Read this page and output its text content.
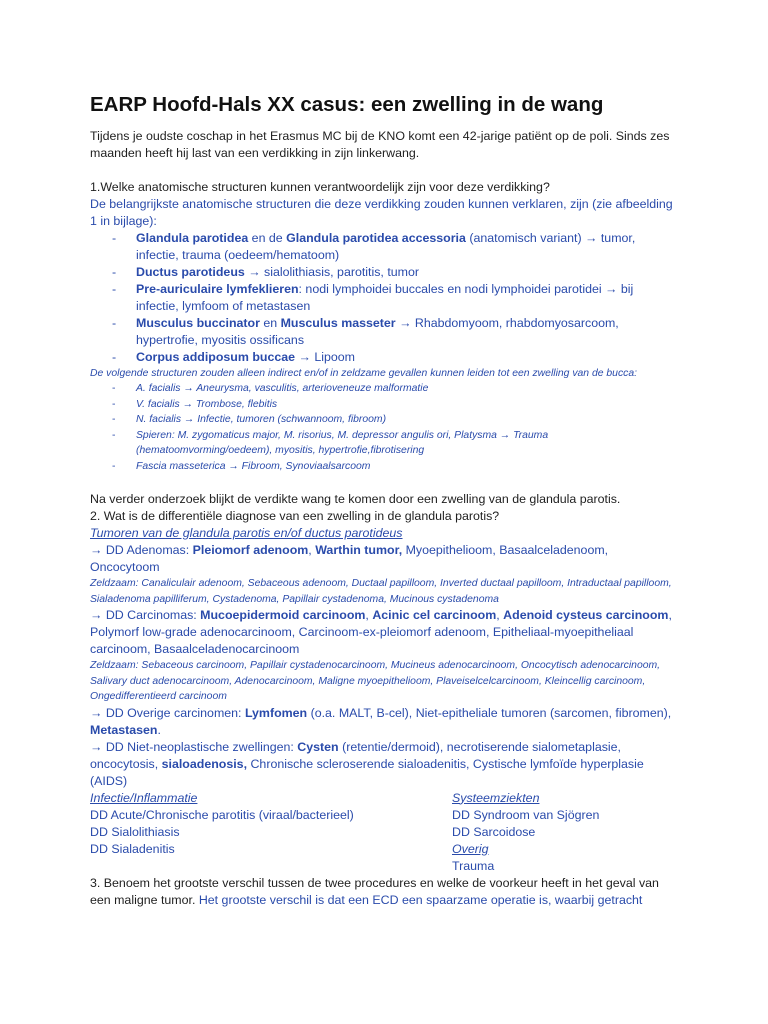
EARP Hoofd-Hals XX casus: een zwelling in de wang

Tijdens je oudste coschap in het Erasmus MC bij de KNO komt een 42-jarige patiënt op de poli. Sinds zes maanden heeft hij last van een verdikking in zijn linkerwang.

1.Welke anatomische structuren kunnen verantwoordelijk zijn voor deze verdikking?

De belangrijkste anatomische structuren die deze verdikking zouden kunnen verklaren, zijn (zie afbeelding 1 in bijlage):

- Glandula parotidea en de Glandula parotidea accessoria (anatomisch variant) → tumor, infectie, trauma (oedeem/hematoom)
- Ductus parotideus → sialolithiasis, parotitis, tumor
- Pre-auriculaire lymfeklieren: nodi lymphoidei buccales en nodi lymphoidei parotidei → bij infectie, lymfoom of metastasen
- Musculus buccinator en Musculus masseter → Rhabdomyoom, rhabdomyosarcoom, hypertrofie, myositis ossificans
- Corpus addiposum buccae → Lipoom

De volgende structuren zouden alleen indirect en/of in zeldzame gevallen kunnen leiden tot een zwelling van de bucca:

- A. facialis → Aneurysma, vasculitis, arterioveneuze malformatie
- V. facialis → Trombose, flebitis
- N. facialis → Infectie, tumoren (schwannoom, fibroom)
- Spieren: M. zygomaticus major, M. risorius, M. depressor angulis ori, Platysma → Trauma (hematoomvorming/oedeem), myositis, hypertrofie,fibrotisering
- Fascia masseterica → Fibroom, Synoviaalsarcoom

Na verder onderzoek blijkt de verdikte wang te komen door een zwelling van de glandula parotis.

2. Wat is de differentiële diagnose van een zwelling in de glandula parotis?

Tumoren van de glandula parotis en/of ductus parotideus

→ DD Adenomas: Pleiomorf adenoom, Warthin tumor, Myoepithelioom, Basaalceladenoom, Oncocytoom

Zeldzaam: Canaliculair adenoom, Sebaceous adenoom, Ductaal papilloom, Inverted ductaal papilloom, Intraductaal papilloom, Sialadenoma papilliferum, Cystadenoma, Papillair cystadenoma, Mucinous cystadenoma

→ DD Carcinomas: Mucoepidermoid carcinoom, Acinic cel carcinoom, Adenoid cysteus carcinoom, Polymorf low-grade adenocarcinoom, Carcinoom-ex-pleiomorf adenoom, Epitheliaal-myoepitheliaal carcinoom, Basaalceladenocarcinoom

Zeldzaam: Sebaceous carcinoom, Papillair cystadenocarcinoom, Mucineus adenocarcinoom, Oncocytisch adenocarcinoom, Salivary duct adenocarcinoom, Adenocarcinoom, Maligne myoepithelioom, Plaveiselcelcarcinoom, Kleincellig carcinoom, Ongedifferentieerd carcinoom

→ DD Overige carcinomen: Lymfomen (o.a. MALT, B-cel), Niet-epitheliale tumoren (sarcomen, fibromen), Metastasen.

→ DD Niet-neoplastische zwellingen: Cysten (retentie/dermoid), necrotiserende sialometaplasie, oncocytosis, sialoadenosis, Chronische scleroserende sialoadenitis, Cystische lymfoïde hyperplasie (AIDS)

Infectie/Inflammatie

DD Acute/Chronische parotitis (viraal/bacterieel)

DD Sialolithiasis

DD Sialadenitis

Systeemziekten

DD Syndroom van Sjögren

DD Sarcoidose

Overig

Trauma

3. Benoem het grootste verschil tussen de twee procedures en welke de voorkeur heeft in het geval van een maligne tumor. Het grootste verschil is dat een ECD een spaarzame operatie is, waarbij getracht
